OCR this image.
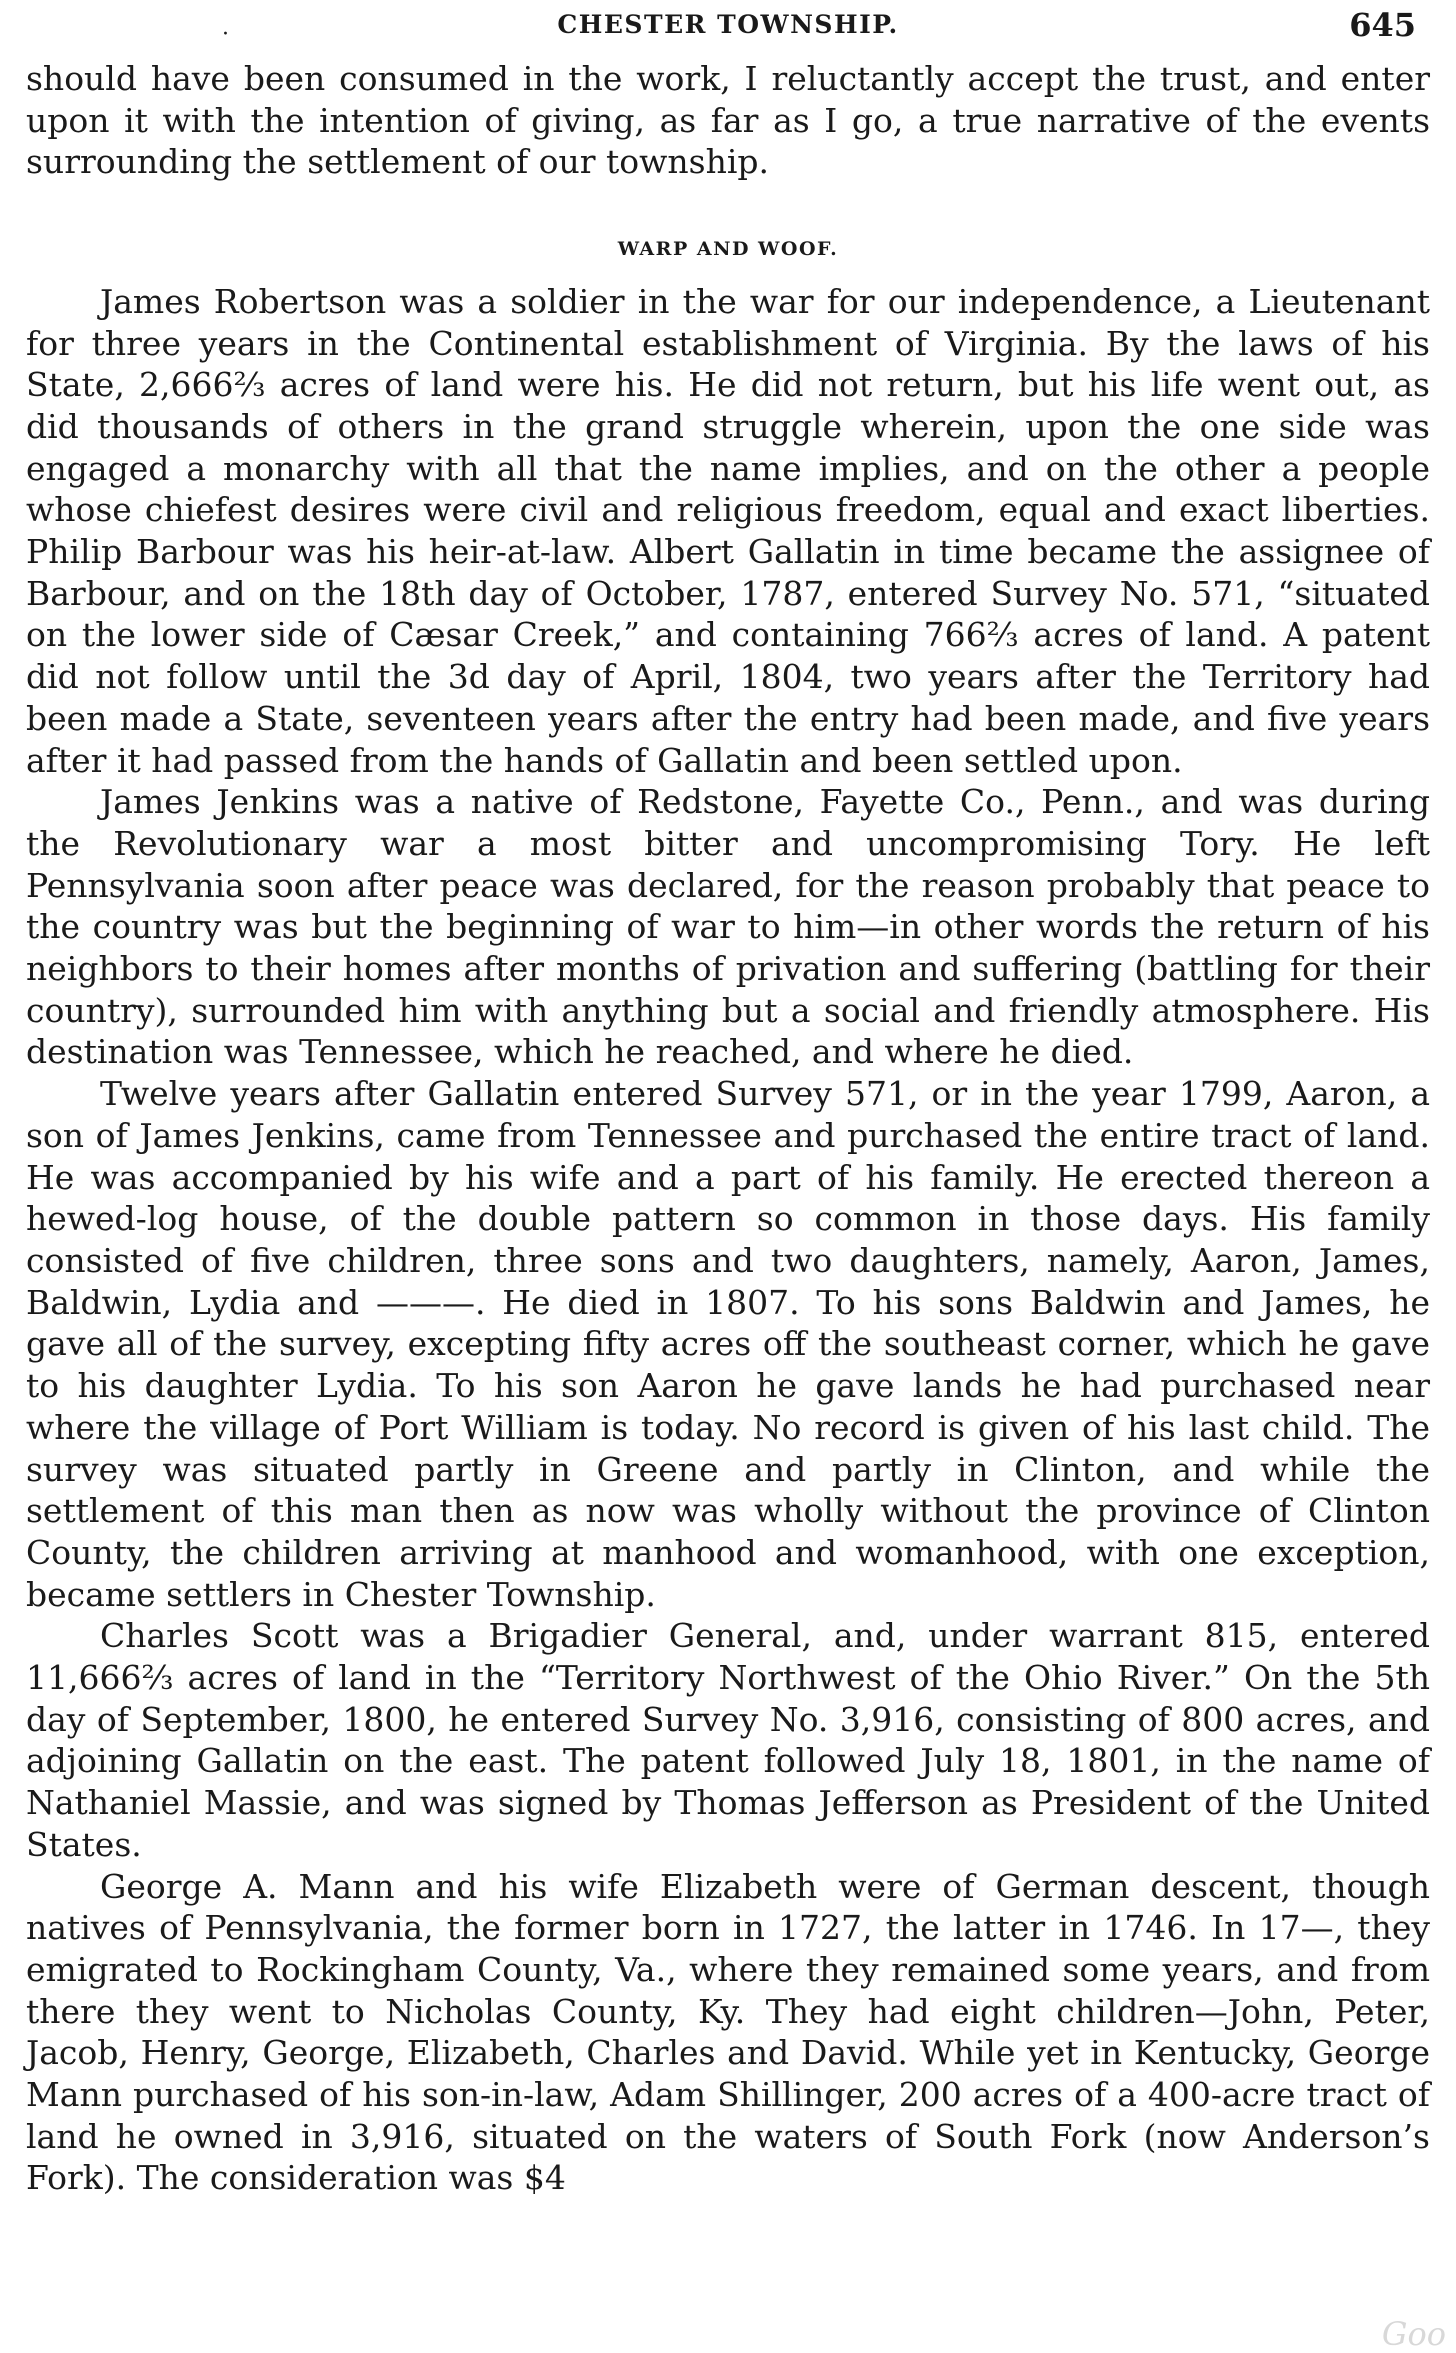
·	CHESTER TOWNSHIP.	645

should have been consumed in the work, I reluctantly accept the trust, and enter upon it with the intention of giving, as far as I go, a true narrative of the events surrounding the settlement of our township.

WARP AND WOOF.

James Robertson was a soldier in the war for our independence, a Lieutenant for three years in the Continental establishment of Virginia. By the laws of his State, 2,666⅔ acres of land were his. He did not return, but his life went out, as did thousands of others in the grand struggle wherein, upon the one side was engaged a monarchy with all that the name implies, and on the other a people whose chiefest desires were civil and religious freedom, equal and exact liberties. Philip Barbour was his heir-at-law. Albert Gallatin in time became the assignee of Barbour, and on the 18th day of October, 1787, entered Survey No. 571, “situated on the lower side of Cæsar Creek,” and containing 766⅔ acres of land. A patent did not follow until the 3d day of April, 1804, two years after the Territory had been made a State, seventeen years after the entry had been made, and five years after it had passed from the hands of Gallatin and been settled upon.

James Jenkins was a native of Redstone, Fayette Co., Penn., and was during the Revolutionary war a most bitter and uncompromising Tory. He left Pennsylvania soon after peace was declared, for the reason probably that peace to the country was but the beginning of war to him—in other words the return of his neighbors to their homes after months of privation and suffering (battling for their country), surrounded him with anything but a social and friendly atmosphere. His destination was Tennessee, which he reached, and where he died.

Twelve years after Gallatin entered Survey 571, or in the year 1799, Aaron, a son of James Jenkins, came from Tennessee and purchased the entire tract of land. He was accompanied by his wife and a part of his family. He erected thereon a hewed-log house, of the double pattern so common in those days. His family consisted of five children, three sons and two daughters, namely, Aaron, James, Baldwin, Lydia and ———. He died in 1807. To his sons Baldwin and James, he gave all of the survey, excepting fifty acres off the southeast corner, which he gave to his daughter Lydia. To his son Aaron he gave lands he had purchased near where the village of Port William is today. No record is given of his last child. The survey was situated partly in Greene and partly in Clinton, and while the settlement of this man then as now was wholly without the province of Clinton County, the children arriving at manhood and womanhood, with one exception, became settlers in Chester Township.

Charles Scott was a Brigadier General, and, under warrant 815, entered 11,666⅔ acres of land in the “Territory Northwest of the Ohio River.” On the 5th day of September, 1800, he entered Survey No. 3,916, consisting of 800 acres, and adjoining Gallatin on the east. The patent followed July 18, 1801, in the name of Nathaniel Massie, and was signed by Thomas Jefferson as President of the United States.

George A. Mann and his wife Elizabeth were of German descent, though natives of Pennsylvania, the former born in 1727, the latter in 1746. In 17—, they emigrated to Rockingham County, Va., where they remained some years, and from there they went to Nicholas County, Ky. They had eight children—John, Peter, Jacob, Henry, George, Elizabeth, Charles and David. While yet in Kentucky, George Mann purchased of his son-in-law, Adam Shillinger, 200 acres of a 400-acre tract of land he owned in 3,916, situated on the waters of South Fork (now Anderson’s Fork). The consideration was $4

Goo
